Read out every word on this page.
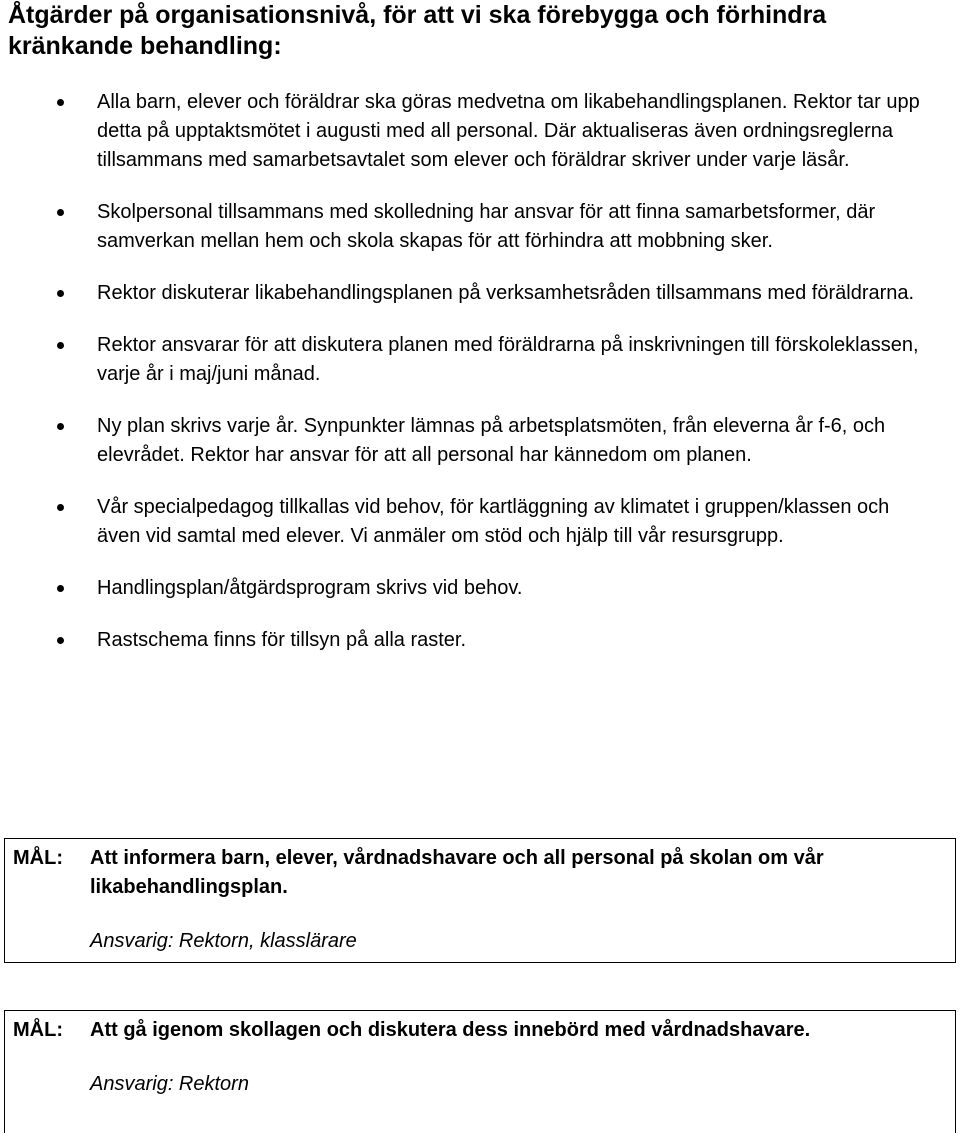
Åtgärder på organisationsnivå, för att vi ska förebygga och förhindra kränkande behandling:
Alla barn, elever och föräldrar ska göras medvetna om likabehandlingsplanen. Rektor tar upp detta på upptaktsmötet i augusti med all personal. Där aktualiseras även ordningsreglerna tillsammans med samarbetsavtalet som elever och föräldrar skriver under varje läsår.
Skolpersonal tillsammans med skolledning har ansvar för att finna samarbetsformer, där samverkan mellan hem och skola skapas för att förhindra att mobbning sker.
Rektor diskuterar likabehandlingsplanen på verksamhetsråden tillsammans med föräldrarna.
Rektor ansvarar för att diskutera planen med föräldrarna på inskrivningen till förskoleklassen, varje år i maj/juni månad.
Ny plan skrivs varje år. Synpunkter lämnas på arbetsplatsmöten, från eleverna år f-6, och elevrådet. Rektor har ansvar för att all personal har kännedom om planen.
Vår specialpedagog tillkallas vid behov, för kartläggning av klimatet i gruppen/klassen och även vid samtal med elever. Vi anmäler om stöd och hjälp till vår resursgrupp.
Handlingsplan/åtgärdsprogram skrivs vid behov.
Rastschema finns för tillsyn på alla raster.
MÅL: Att informera barn, elever, vårdnadshavare och all personal på skolan om vår likabehandlingsplan.
Ansvarig: Rektorn, klasslärare
MÅL: Att gå igenom skollagen och diskutera dess innebörd med vårdnadshavare.
Ansvarig: Rektorn
